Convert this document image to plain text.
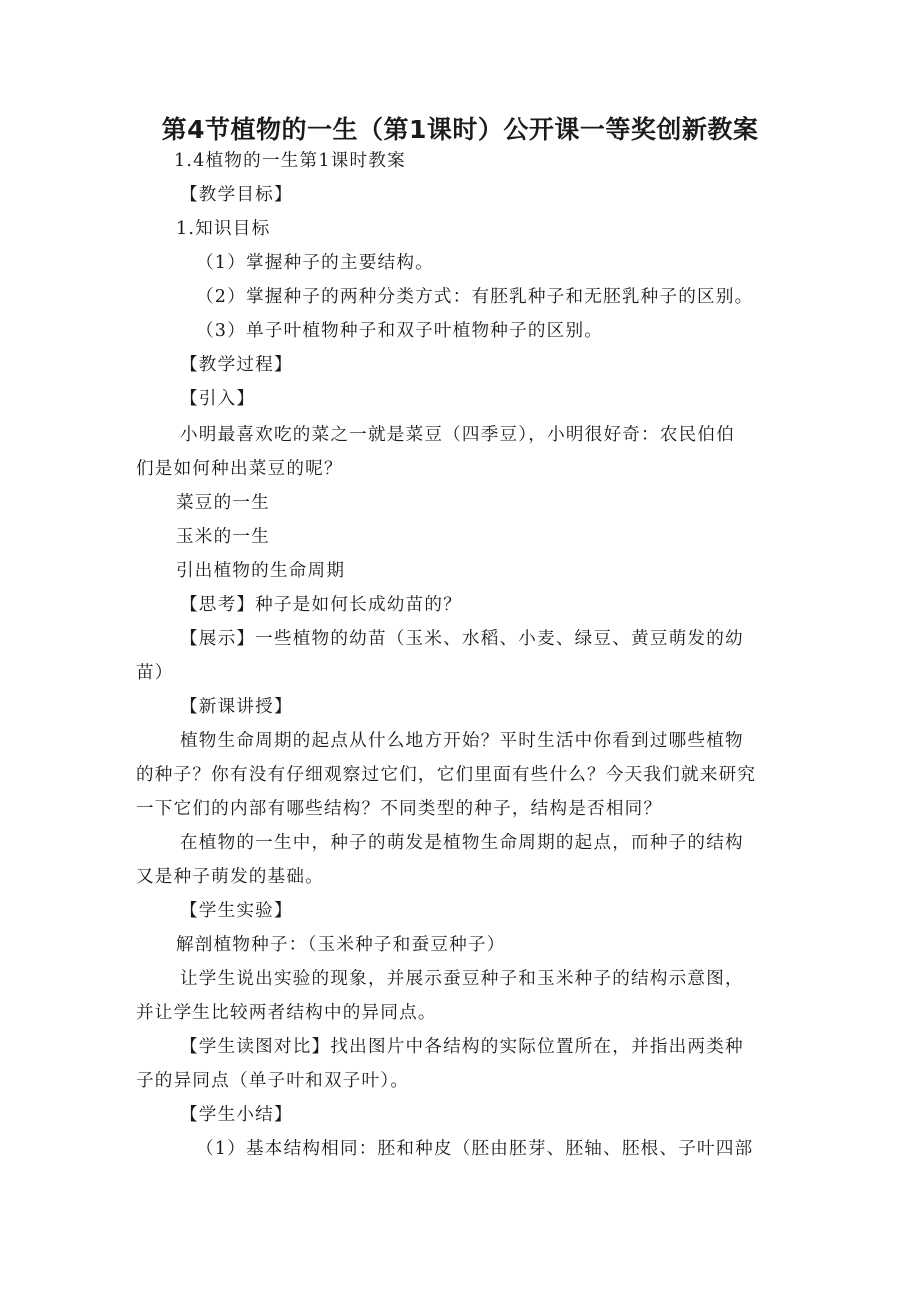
第4节植物的一生（第1课时）公开课一等奖创新教案
1.4植物的一生第1课时教案
【教学目标】
1.知识目标
（1）掌握种子的主要结构。
（2）掌握种子的两种分类方式：有胚乳种子和无胚乳种子的区别。
（3）单子叶植物种子和双子叶植物种子的区别。
【教学过程】
【引入】
小明最喜欢吃的菜之一就是菜豆（四季豆），小明很好奇：农民伯伯
们是如何种出菜豆的呢？
菜豆的一生
玉米的一生
引出植物的生命周期
【思考】种子是如何长成幼苗的？
【展示】一些植物的幼苗（玉米、水稻、小麦、绿豆、黄豆萌发的幼
苗）
【新课讲授】
植物生命周期的起点从什么地方开始？平时生活中你看到过哪些植物
的种子？你有没有仔细观察过它们，它们里面有些什么？今天我们就来研究
一下它们的内部有哪些结构？不同类型的种子，结构是否相同？
在植物的一生中，种子的萌发是植物生命周期的起点，而种子的结构
又是种子萌发的基础。
【学生实验】
解剖植物种子：（玉米种子和蚕豆种子）
让学生说出实验的现象，并展示蚕豆种子和玉米种子的结构示意图，
并让学生比较两者结构中的异同点。
【学生读图对比】找出图片中各结构的实际位置所在，并指出两类种
子的异同点（单子叶和双子叶）。
【学生小结】
（1）基本结构相同：胚和种皮（胚由胚芽、胚轴、胚根、子叶四部
